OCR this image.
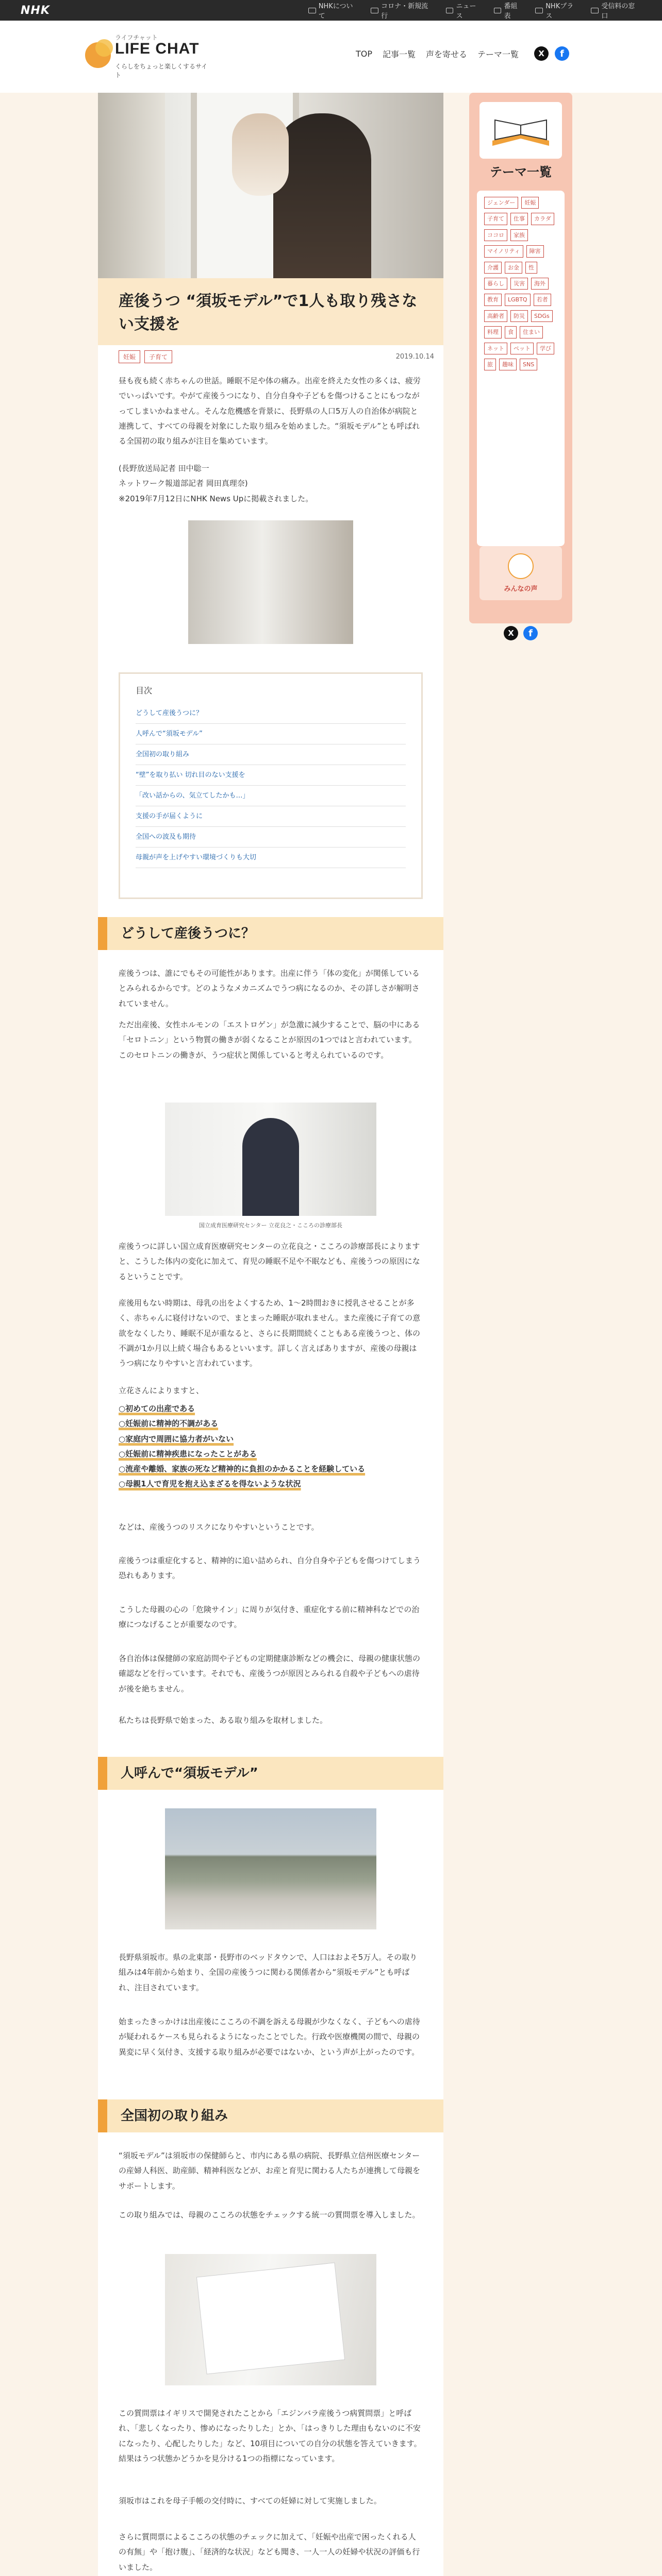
NHK	NHKについて
コロナ・新規流行
ニュース
番組表
NHKプラス
受信料の窓口
ライフチャット
LIFE CHAT
くらしをちょっと楽しくするサイト
TOP 記事一覧 声を寄せる テーマ一覧	X	f
産後うつ “須坂モデル”で1人も取り残さない支援を
妊娠	子育て	2019.10.14

昼も夜も続く赤ちゃんの世話。睡眠不足や体の痛み。出産を終えた女性の多くは、疲労でいっぱいです。やがて産後うつになり、自分自身や子どもを傷つけることにもつながってしまいかねません。そんな危機感を背景に、長野県の人口5万人の自治体が病院と連携して、すべての母親を対象にした取り組みを始めました。“須坂モデル”とも呼ばれる全国初の取り組みが注目を集めています。

(長野放送局記者 田中聡一
ネットワーク報道部記者 岡田真理奈)
※2019年7月12日にNHK News Upに掲載されました。

目次
どうして産後うつに？
人呼んで“須坂モデル”
全国初の取り組み
“壁”を取り払い 切れ目のない支援を
「改い話からの、気立てしたかも…」
支援の手が届くように
全国への波及も期待
母親が声を上げやすい環境づくりも大切
どうして産後うつに？

産後うつは、誰にでもその可能性があります。出産に伴う「体の変化」が関係しているとみられるからです。どのようなメカニズムでうつ病になるのか、その詳しさが解明されていません。

ただ出産後、女性ホルモンの「エストロゲン」が急激に減少することで、脳の中にある「セロトニン」という物質の働きが弱くなることが原因の1つではと言われています。このセロトニンの働きが、うつ症状と関係していると考えられているのです。

国立成育医療研究センター 立花良之・こころの診療部長

産後うつに詳しい国立成育医療研究センターの立花良之・こころの診療部長によりますと、こうした体内の変化に加えて、育児の睡眠不足や不眠なども、産後うつの原因になるということです。

産後用もない時期は、母乳の出をよくするため、1〜2時間おきに授乳させることが多く、赤ちゃんに寝付けないので、まとまった睡眠が取れません。また産後に子育ての意欲をなくしたり、睡眠不足が重なると、さらに長期間続くこともある産後うつと、体の不調が1か月以上続く場合もあるといいます。詳しく言えばありますが、産後の母親はうつ病になりやすいと言われています。

立花さんによりますと、

○初めての出産である
○妊娠前に精神的不調がある
○家庭内で周囲に協力者がいない
○妊娠前に精神疾患になったことがある
○流産や離婚、家族の死など精神的に負担のかかることを経験している
○母親1人で育児を抱え込まざるを得ないような状況

などは、産後うつのリスクになりやすいということです。

産後うつは重症化すると、精神的に追い詰められ、自分自身や子どもを傷つけてしまう恐れもあります。

こうした母親の心の「危険サイン」に周りが気付き、重症化する前に精神科などでの治療につなげることが重要なのです。

各自治体は保健師の家庭訪問や子どもの定期健康診断などの機会に、母親の健康状態の確認などを行っています。それでも、産後うつが原因とみられる自殺や子どもへの虐待が後を絶ちません。

私たちは長野県で始まった、ある取り組みを取材しました。

人呼んで“須坂モデル”

長野県須坂市。県の北東部・長野市のベッドタウンで、人口はおよそ5万人。その取り組みは4年前から始まり、全国の産後うつに関わる関係者から“須坂モデル”とも呼ばれ、注目されています。

始まったきっかけは出産後にこころの不調を訴える母親が少なくなく、子どもへの虐待が疑われるケースも見られるようになったことでした。行政や医療機関の間で、母親の異変に早く気付き、支援する取り組みが必要ではないか、という声が上がったのです。

全国初の取り組み

“須坂モデル”は須坂市の保健師らと、市内にある県の病院、長野県立信州医療センターの産婦人科医、助産師、精神科医などが、お産と育児に関わる人たちが連携して母親をサポートします。

この取り組みでは、母親のこころの状態をチェックする統一の質問票を導入しました。

この質問票はイギリスで開発されたことから「エジンバラ産後うつ病質問票」と呼ばれ、「悲しくなったり、惨めになったりした」とか、「はっきりした理由もないのに不安になったり、心配したりした」など、10項目についての自分の状態を答えていきます。結果はうつ状態かどうかを見分ける1つの指標になっています。

須坂市はこれを母子手帳の交付時に、すべての妊婦に対して実施しました。

さらに質問票によるこころの状態のチェックに加えて、「妊娠や出産で困ったくれる人の有無」や「抱け腹」、「経済的な状況」なども聞き、一人一人の妊婦や状況の評価も行いました。

テーマ一覧
ジェンダー	妊娠
子育て	仕事	カラダ
ココロ	家族
マイノリティ	障害
介護	お金	性
暮らし	災害	海外
教育	LGBTQ	若者
高齢者	防災	SDGs
料理	食	住まい
ネット	ペット	学び
旅	趣味	SNS
みんなの声
X	f
